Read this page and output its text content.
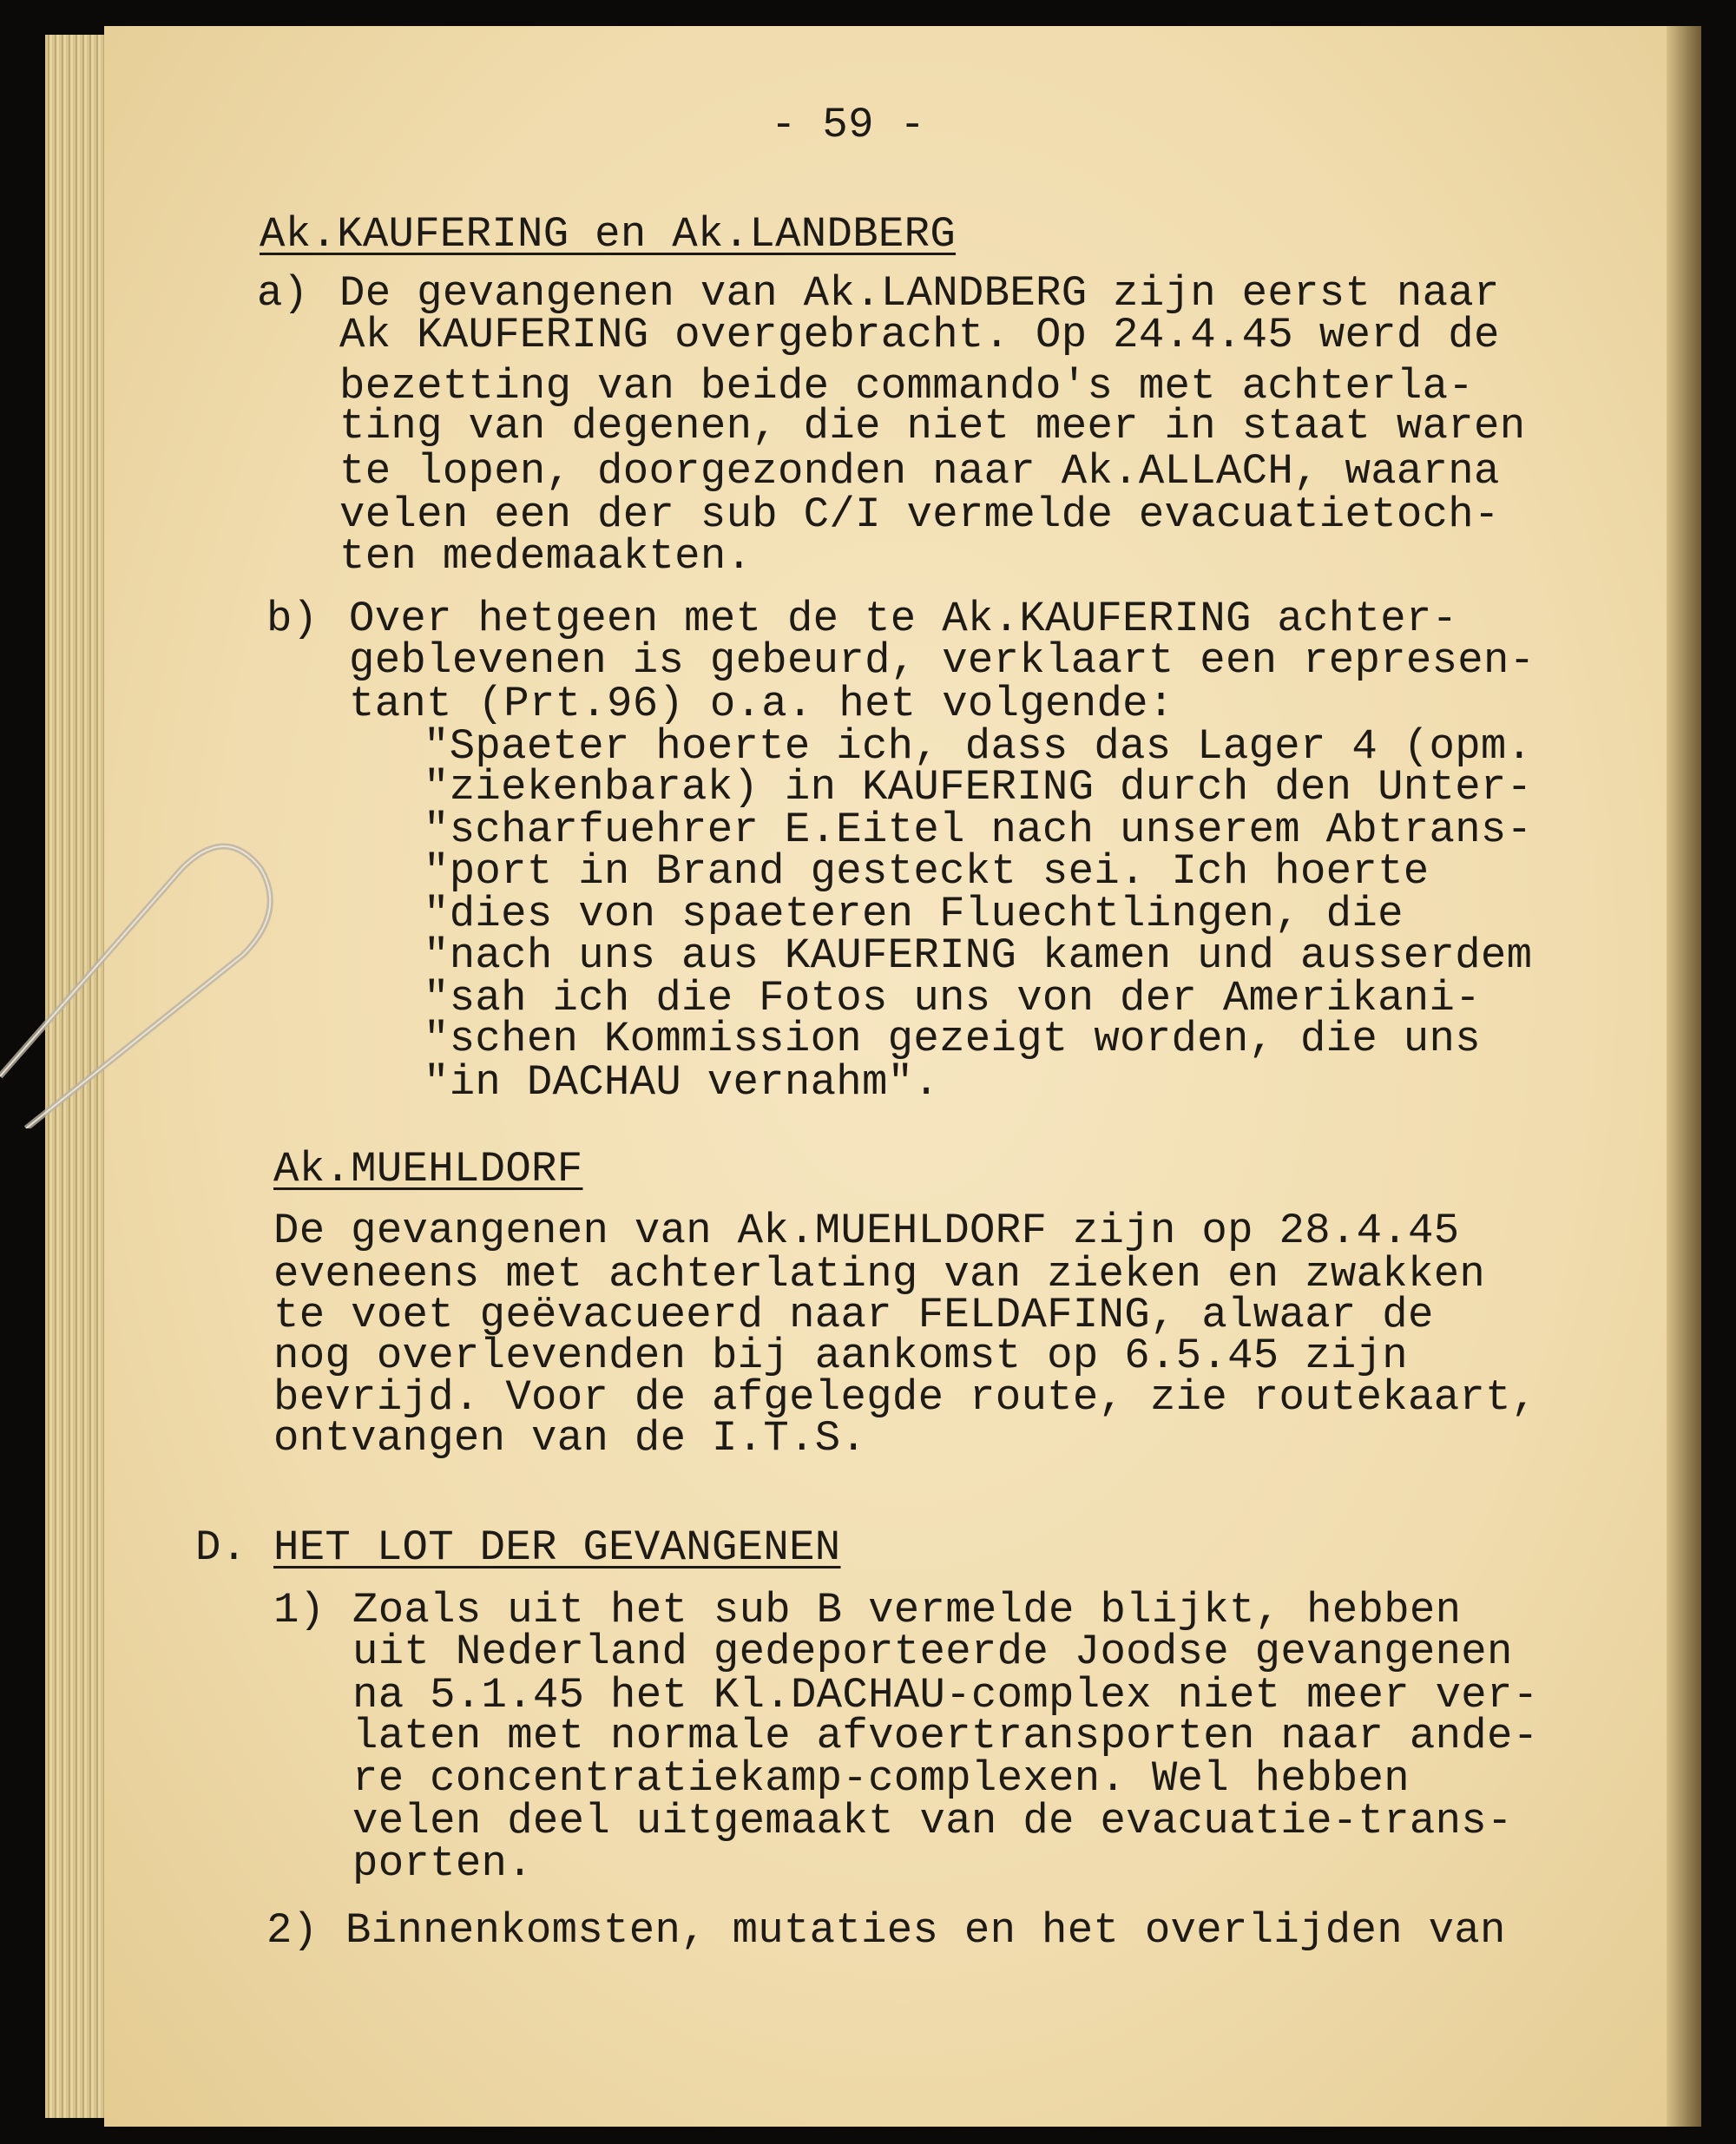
- 59 -
Ak.KAUFERING en Ak.LANDBERG
a) De gevangenen van Ak.LANDBERG zijn eerst naar
Ak KAUFERING overgebracht. Op 24.4.45 werd de
bezetting van beide commando's met achterla-
ting van degenen, die niet meer in staat waren
te lopen, doorgezonden naar Ak.ALLACH, waarna
velen een der sub C/I vermelde evacuatietoch-
ten medemaakten.
b) Over hetgeen met de te Ak.KAUFERING achter-
geblevenen is gebeurd, verklaart een represen-
tant (Prt.96) o.a. het volgende:
"Spaeter hoerte ich, dass das Lager 4 (opm.
"ziekenbarak) in KAUFERING durch den Unter-
"scharfuehrer E.Eitel nach unserem Abtrans-
"port in Brand gesteckt sei. Ich hoerte
"dies von spaeteren Fluechtlingen, die
"nach uns aus KAUFERING kamen und ausserdem
"sah ich die Fotos uns von der Amerikani-
"schen Kommission gezeigt worden, die uns
"in DACHAU vernahm".
Ak.MUEHLDORF
De gevangenen van Ak.MUEHLDORF zijn op 28.4.45
eveneens met achterlating van zieken en zwakken
te voet geëvacueerd naar FELDAFING, alwaar de
nog overlevenden bij aankomst op 6.5.45 zijn
bevrijd. Voor de afgelegde route, zie routekaart,
ontvangen van de I.T.S.
D. HET LOT DER GEVANGENEN
1) Zoals uit het sub B vermelde blijkt, hebben
uit Nederland gedeporteerde Joodse gevangenen
na 5.1.45 het Kl.DACHAU-complex niet meer ver-
laten met normale afvoertransporten naar ande-
re concentratiekamp-complexen. Wel hebben
velen deel uitgemaakt van de evacuatie-trans-
porten.
2) Binnenkomsten, mutaties en het overlijden van
